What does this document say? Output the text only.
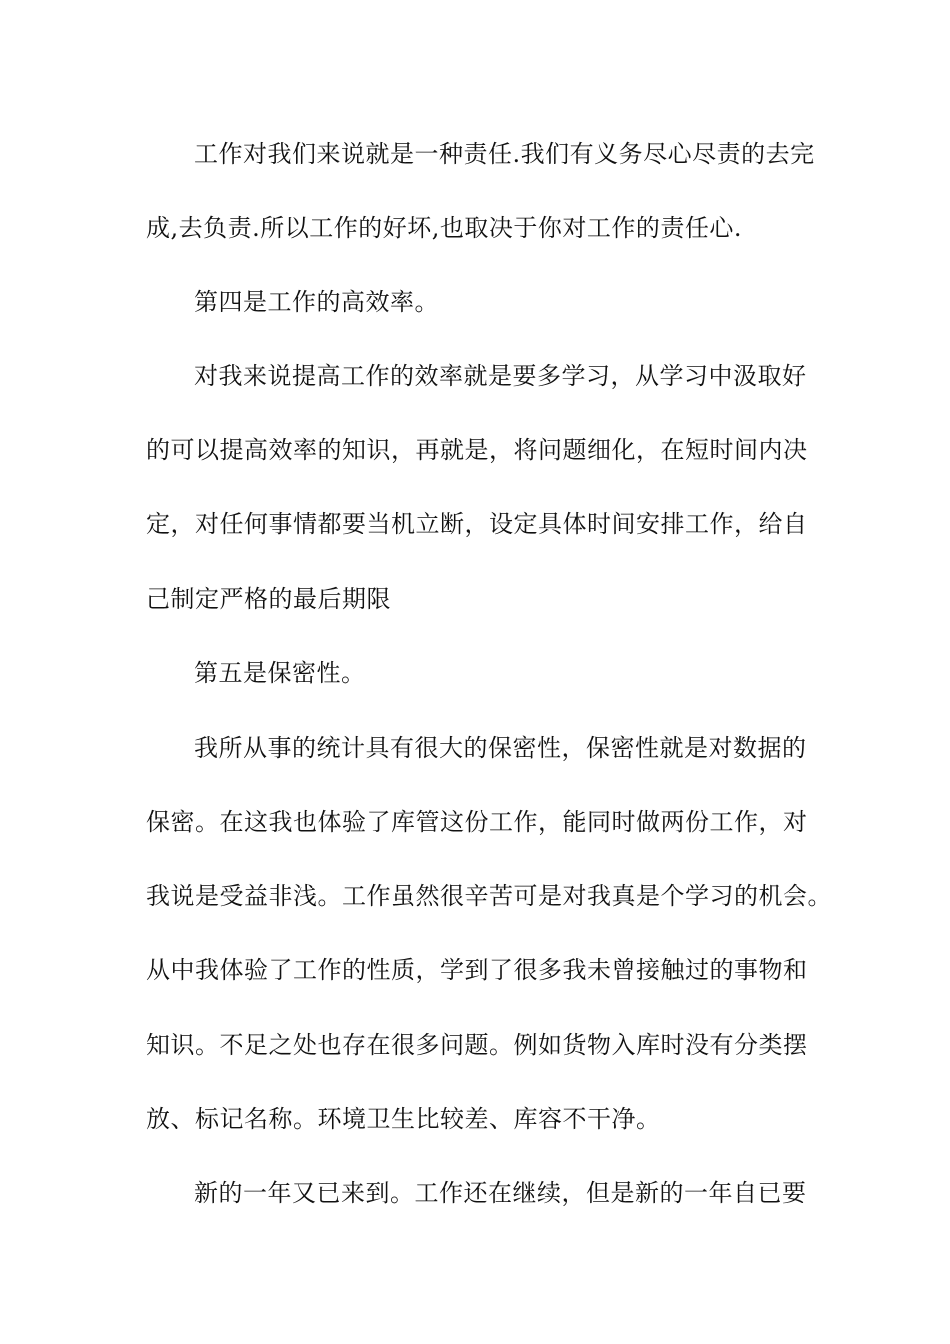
工作对我们来说就是一种责任.我们有义务尽心尽责的去完
成,去负责.所以工作的好坏,也取决于你对工作的责任心.
第四是工作的高效率。
对我来说提高工作的效率就是要多学习，从学习中汲取好
的可以提高效率的知识，再就是，将问题细化，在短时间内决
定，对任何事情都要当机立断，设定具体时间安排工作，给自
己制定严格的最后期限
第五是保密性。
我所从事的统计具有很大的保密性，保密性就是对数据的
保密。在这我也体验了库管这份工作，能同时做两份工作，对
我说是受益非浅。工作虽然很辛苦可是对我真是个学习的机会。
从中我体验了工作的性质，学到了很多我未曾接触过的事物和
知识。不足之处也存在很多问题。例如货物入库时没有分类摆
放、标记名称。环境卫生比较差、库容不干净。
新的一年又已来到。工作还在继续，但是新的一年自已要
